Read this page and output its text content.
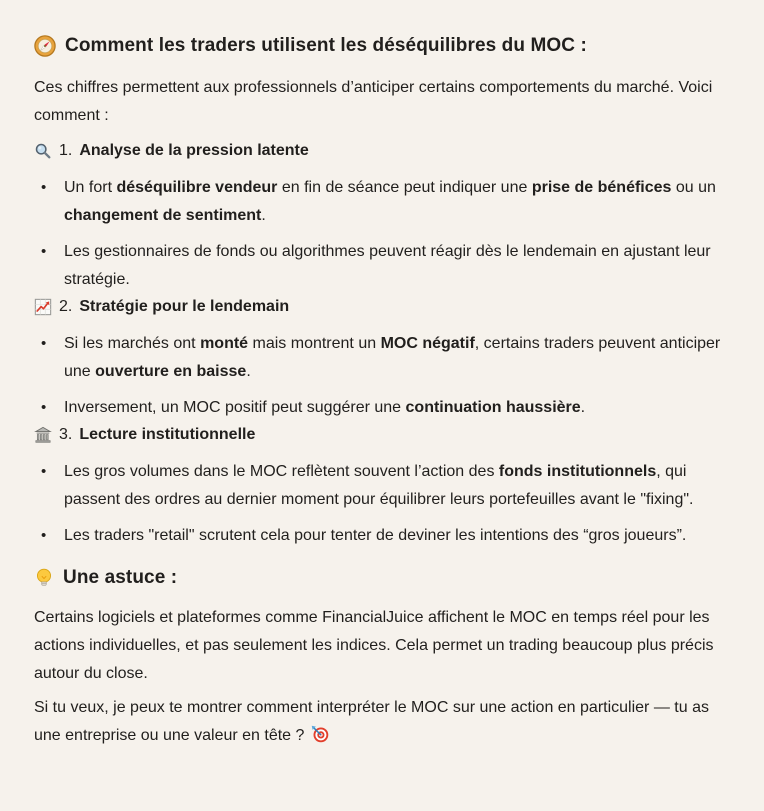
Comment les traders utilisent les déséquilibres du MOC :

Ces chiffres permettent aux professionnels d’anticiper certains comportements du marché. Voici comment :

1. Analyse de la pression latente
• Un fort déséquilibre vendeur en fin de séance peut indiquer une prise de bénéfices ou un changement de sentiment.
• Les gestionnaires de fonds ou algorithmes peuvent réagir dès le lendemain en ajustant leur stratégie.
2. Stratégie pour le lendemain
• Si les marchés ont monté mais montrent un MOC négatif, certains traders peuvent anticiper une ouverture en baisse.
• Inversement, un MOC positif peut suggérer une continuation haussière.
3. Lecture institutionnelle
• Les gros volumes dans le MOC reflètent souvent l’action des fonds institutionnels, qui passent des ordres au dernier moment pour équilibrer leurs portefeuilles avant le "fixing".
• Les traders "retail" scrutent cela pour tenter de deviner les intentions des “gros joueurs”.
Une astuce :

Certains logiciels et plateformes comme FinancialJuice affichent le MOC en temps réel pour les actions individuelles, et pas seulement les indices. Cela permet un trading beaucoup plus précis autour du close.

Si tu veux, je peux te montrer comment interpréter le MOC sur une action en particulier — tu as une entreprise ou une valeur en tête ?
